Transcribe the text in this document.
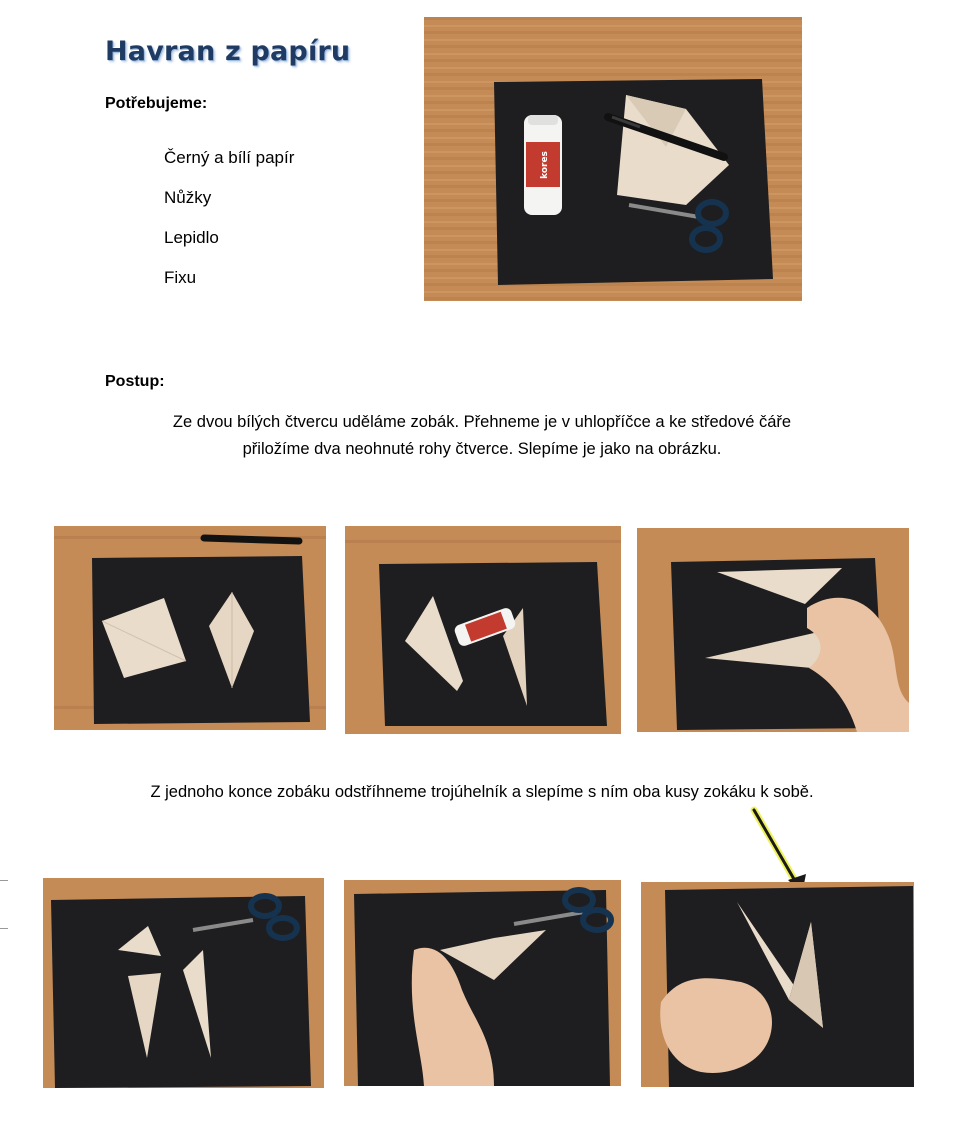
Havran z papíru
Potřebujeme:
Černý a bílí papír
Nůžky
Lepidlo
Fixu
kores
Postup:
Ze dvou bílých čtvercu uděláme zobák. Přehneme je v uhlopříčce a ke středové čáře
přiložíme dva neohnuté rohy čtverce. Slepíme je jako na obrázku.
Z jednoho konce zobáku odstříhneme trojúhelník a slepíme s ním oba kusy zokáku k sobě.
